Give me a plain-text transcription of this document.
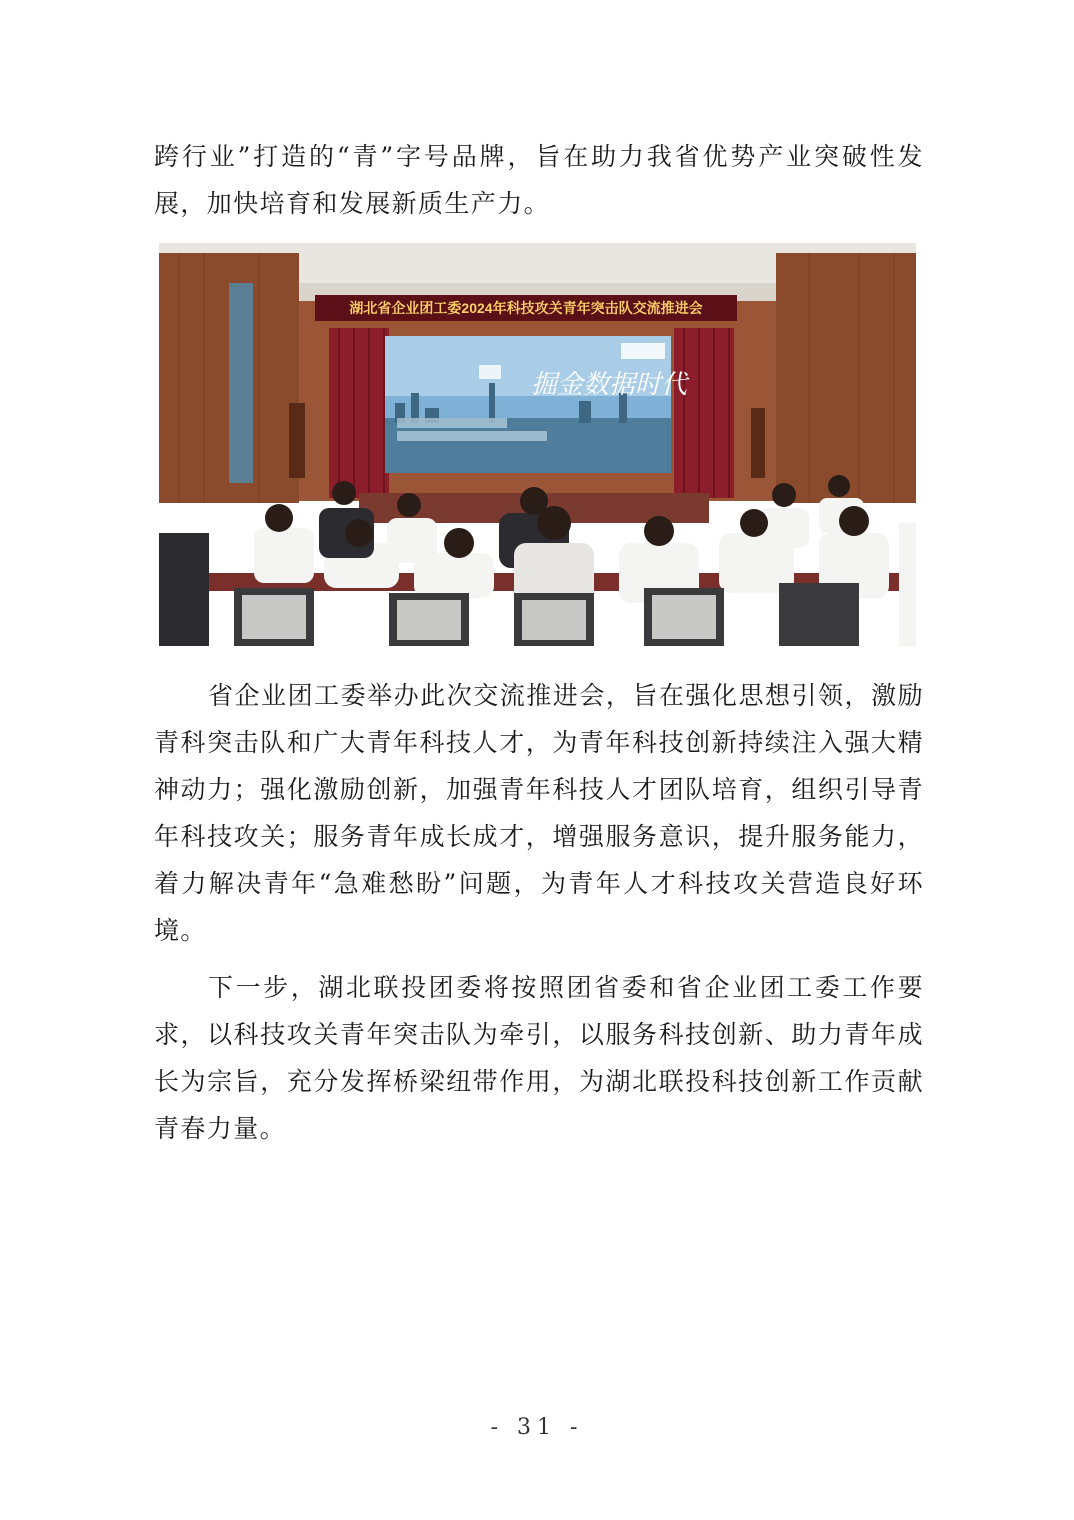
跨行业”打造的“青”字号品牌，旨在助力我省优势产业突破性发展，加快培育和发展新质生产力。

湖北省企业团工委2024年科技攻关青年突击队交流推进会
掘金数据时代

省企业团工委举办此次交流推进会，旨在强化思想引领，激励青科突击队和广大青年科技人才，为青年科技创新持续注入强大精神动力；强化激励创新，加强青年科技人才团队培育，组织引导青年科技攻关；服务青年成长成才，增强服务意识，提升服务能力，着力解决青年“急难愁盼”问题，为青年人才科技攻关营造良好环境。

下一步，湖北联投团委将按照团省委和省企业团工委工作要求，以科技攻关青年突击队为牵引，以服务科技创新、助力青年成长为宗旨，充分发挥桥梁纽带作用，为湖北联投科技创新工作贡献青春力量。

- 31 -
